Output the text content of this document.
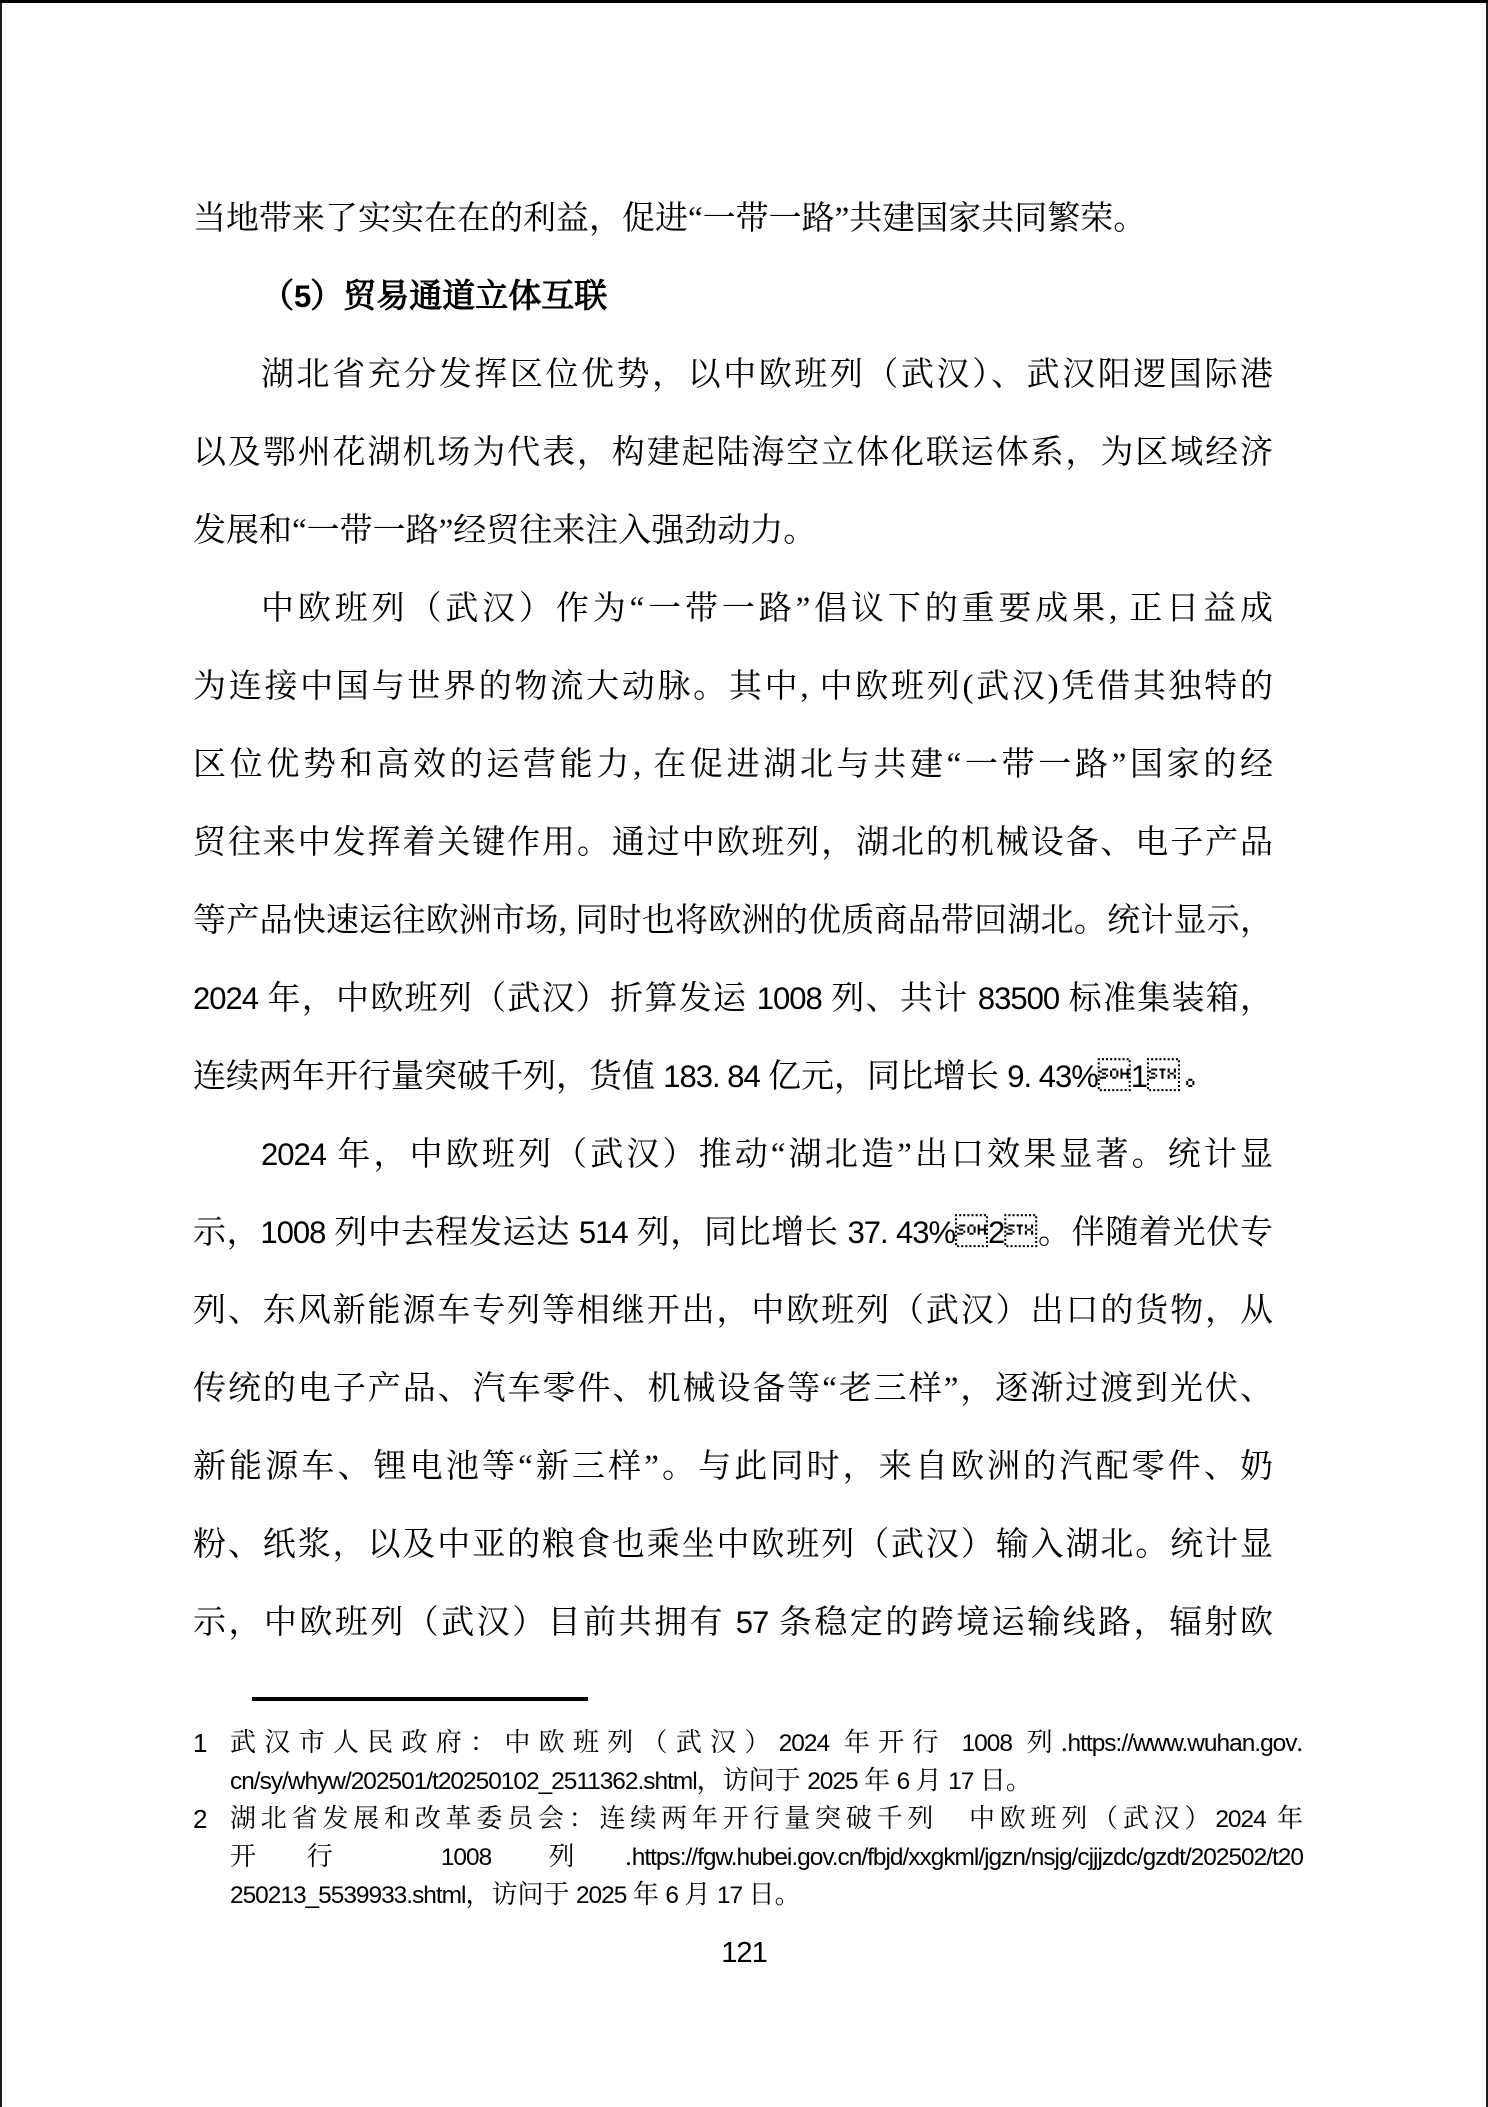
当地带来了实实在在的利益，促进“一带一路”共建国家共同繁荣。
（5）贸易通道立体互联
湖北省充分发挥区位优势，以中欧班列（武汉）、武汉阳逻国际港
以及鄂州花湖机场为代表，构建起陆海空立体化联运体系，为区域经济
发展和“一带一路”经贸往来注入强劲动力。
中欧班列（武汉）作为“一带一路”倡议下的重要成果, 正日益成
为连接中国与世界的物流大动脉。其中, 中欧班列(武汉)凭借其独特的
区位优势和高效的运营能力, 在促进湖北与共建“一带一路”国家的经
贸往来中发挥着关键作用。通过中欧班列，湖北的机械设备、电子产品
等产品快速运往欧洲市场, 同时也将欧洲的优质商品带回湖北。统计显示，
2024 年，中欧班列（武汉）折算发运 1008 列、共计 83500 标准集装箱，
连续两年开行量突破千列，货值 183. 84 亿元，同比增长 9. 43%1。
2024 年，中欧班列（武汉）推动“湖北造”出口效果显著。统计显
示，1008 列中去程发运达 514 列，同比增长 37. 43%2。伴随着光伏专
列、东风新能源车专列等相继开出，中欧班列（武汉）出口的货物，从
传统的电子产品、汽车零件、机械设备等“老三样”，逐渐过渡到光伏、
新能源车、锂电池等“新三样”。与此同时，来自欧洲的汽配零件、奶
粉、纸浆，以及中亚的粮食也乘坐中欧班列（武汉）输入湖北。统计显
示，中欧班列（武汉）目前共拥有 57 条稳定的跨境运输线路，辐射欧
1 武汉市人民政府：中欧班列（武汉）2024 年开行 1008 列.https://www.wuhan.gov.
cn/sy/whyw/202501/t20250102_2511362.shtml，访问于 2025 年 6 月 17 日。
2 湖北省发展和改革委员会：连续两年开行量突破千列　中欧班列（武汉）2024 年
开行 1008 列.https://fgw.hubei.gov.cn/fbjd/xxgkml/jgzn/nsjg/cjjjzdc/gzdt/202502/t20
250213_5539933.shtml，访问于 2025 年 6 月 17 日。
121
